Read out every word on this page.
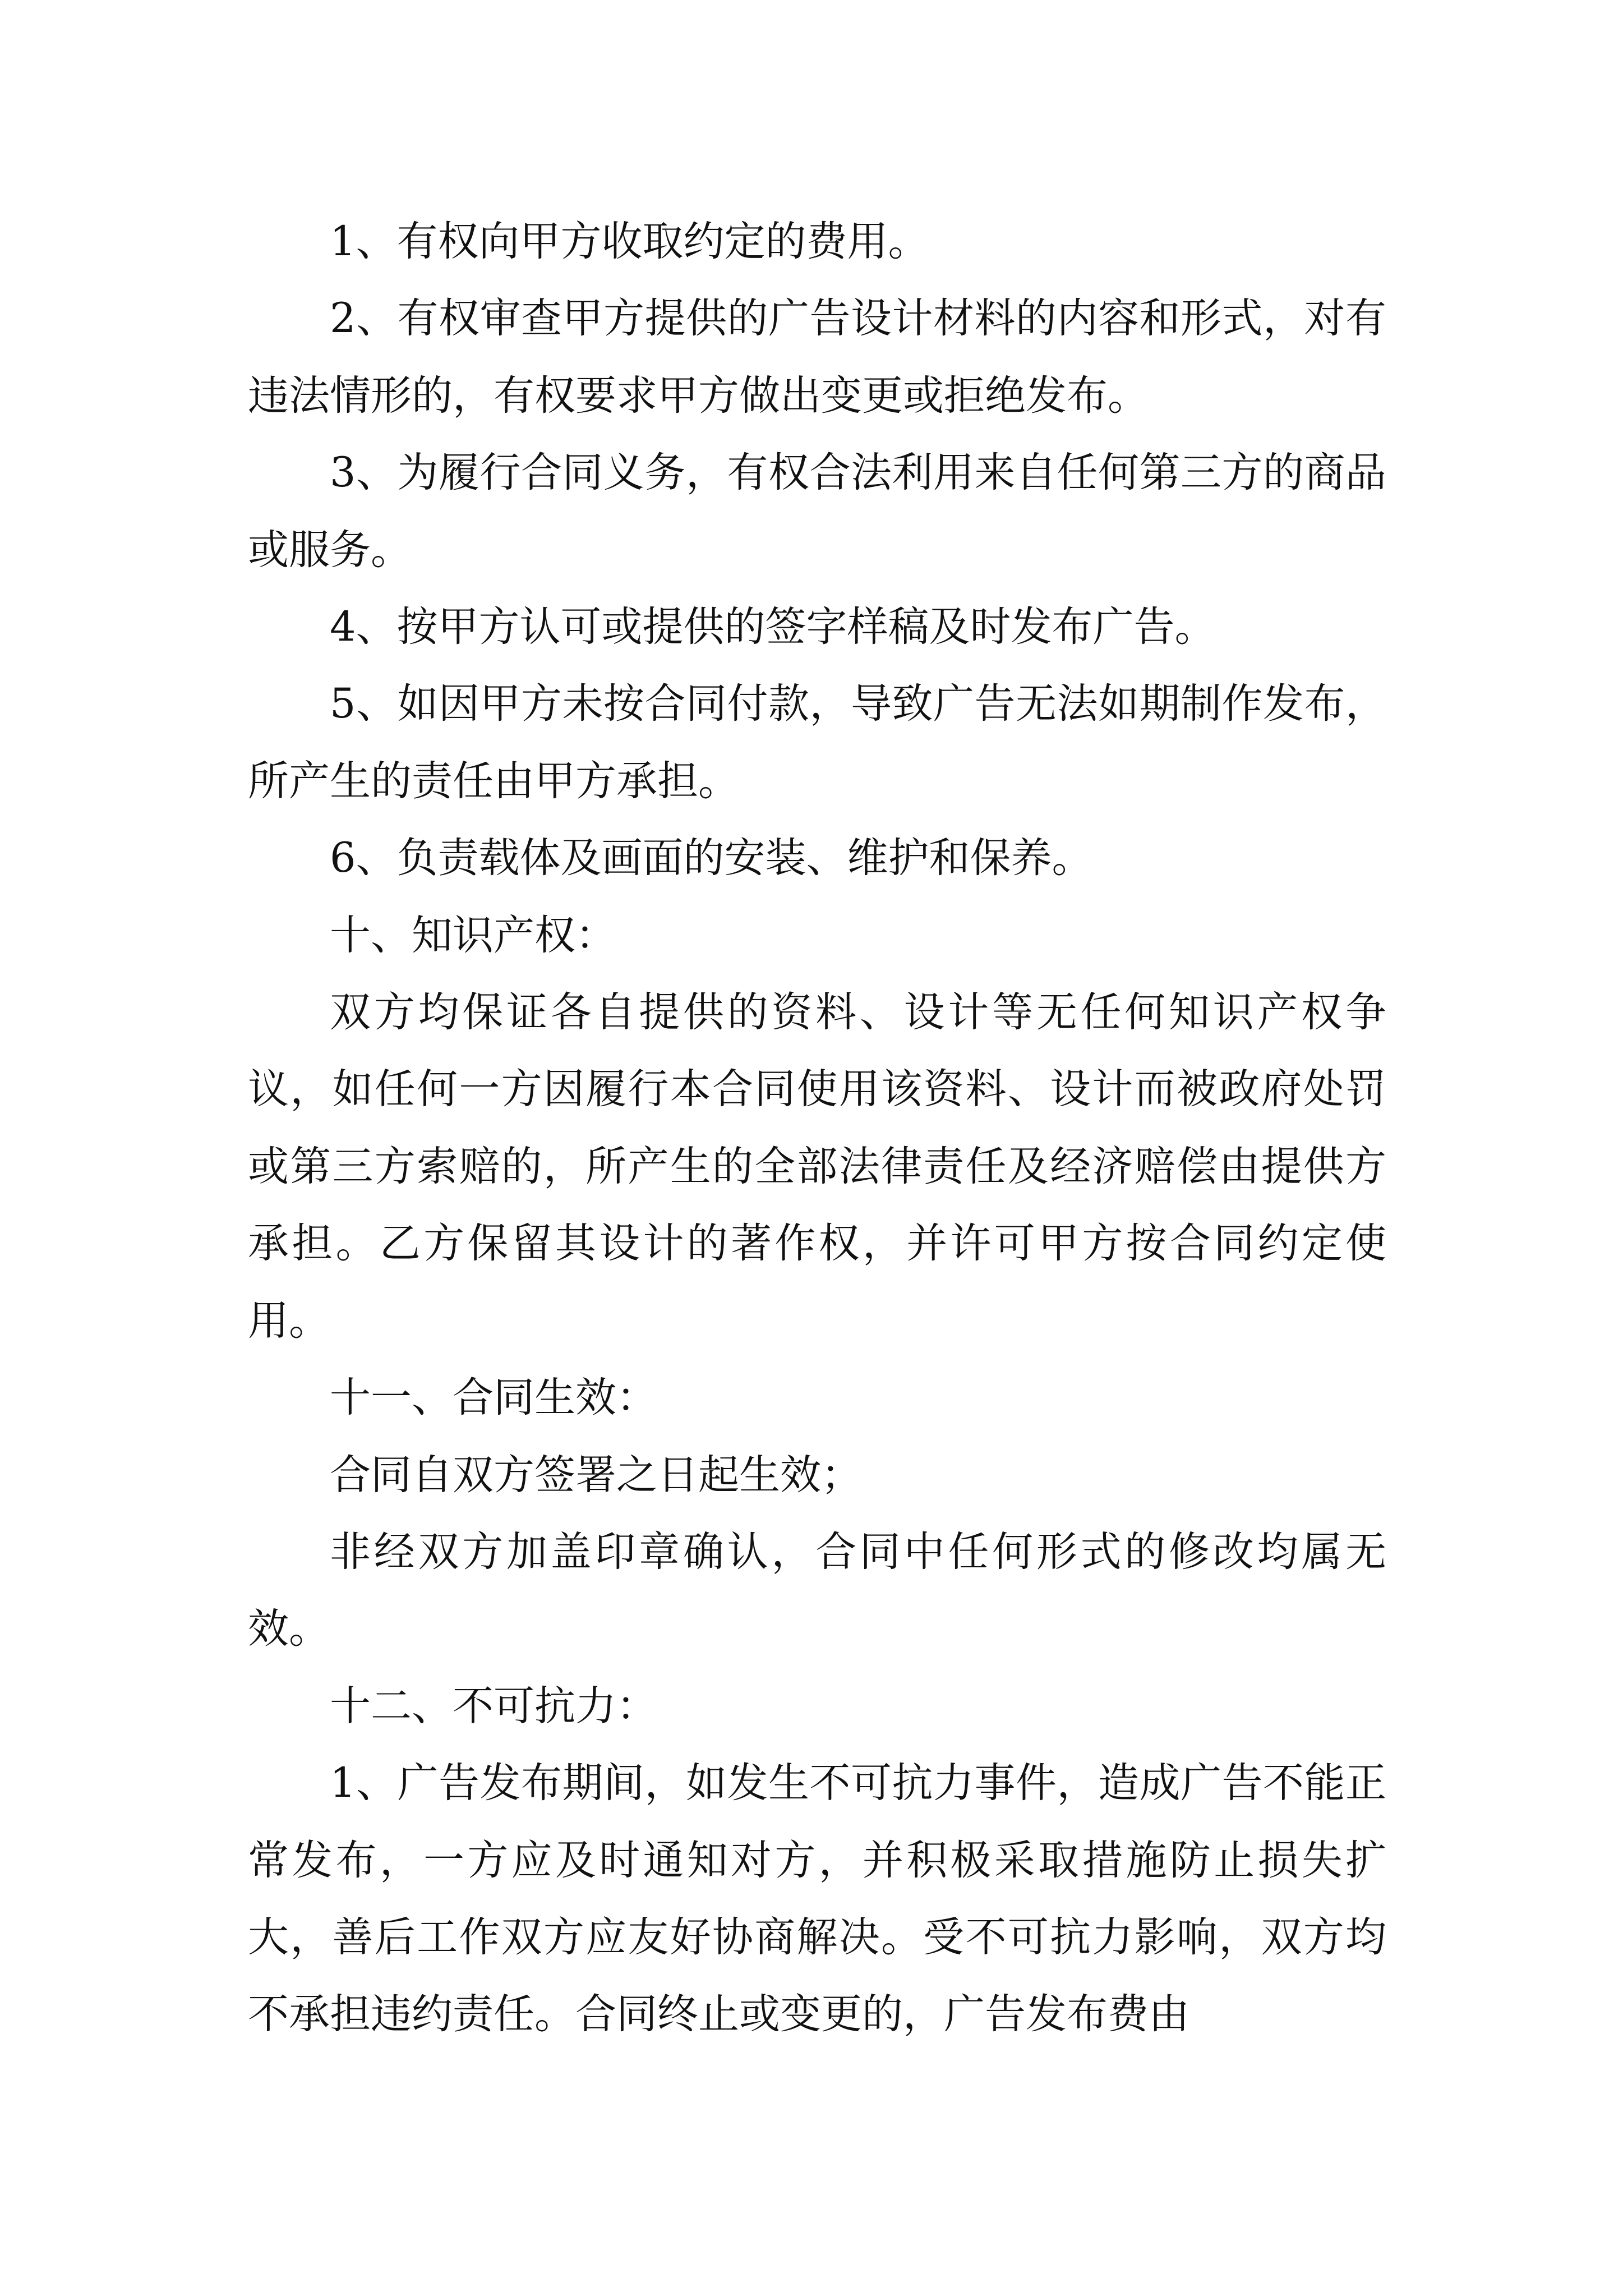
1、有权向甲方收取约定的费用。

2、有权审查甲方提供的广告设计材料的内容和形式，对有违法情形的，有权要求甲方做出变更或拒绝发布。

3、为履行合同义务，有权合法利用来自任何第三方的商品或服务。

4、按甲方认可或提供的签字样稿及时发布广告。

5、如因甲方未按合同付款，导致广告无法如期制作发布，所产生的责任由甲方承担。

6、负责载体及画面的安装、维护和保养。

十、知识产权：

双方均保证各自提供的资料、设计等无任何知识产权争议，如任何一方因履行本合同使用该资料、设计而被政府处罚或第三方索赔的，所产生的全部法律责任及经济赔偿由提供方承担。乙方保留其设计的著作权，并许可甲方按合同约定使用。

十一、合同生效：

合同自双方签署之日起生效；

非经双方加盖印章确认，合同中任何形式的修改均属无效。

十二、不可抗力：

1、广告发布期间，如发生不可抗力事件，造成广告不能正常发布，一方应及时通知对方，并积极采取措施防止损失扩大，善后工作双方应友好协商解决。受不可抗力影响，双方均不承担违约责任。合同终止或变更的，广告发布费由
